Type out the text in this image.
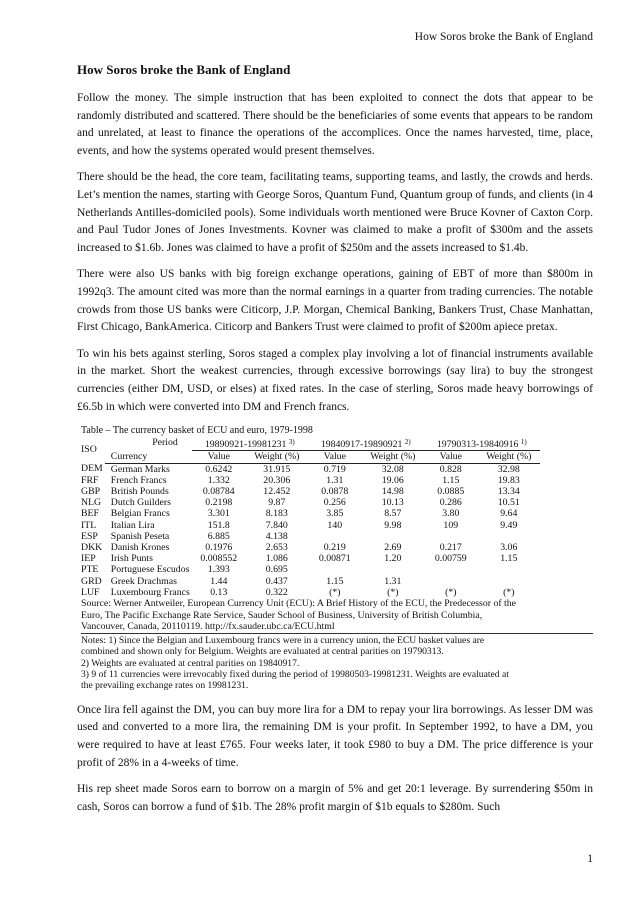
How Soros broke the Bank of England
How Soros broke the Bank of England

Follow the money. The simple instruction that has been exploited to connect the dots that appear to be randomly distributed and scattered. There should be the beneficiaries of some events that appears to be random and unrelated, at least to finance the operations of the accomplices. Once the names harvested, time, place, events, and how the systems operated would present themselves.

There should be the head, the core team, facilitating teams, supporting teams, and lastly, the crowds and herds. Let’s mention the names, starting with George Soros, Quantum Fund, Quantum group of funds, and clients (in 4 Netherlands Antilles-domiciled pools). Some individuals worth mentioned were Bruce Kovner of Caxton Corp. and Paul Tudor Jones of Jones Investments. Kovner was claimed to make a profit of $300m and the assets increased to $1.6b. Jones was claimed to have a profit of $250m and the assets increased to $1.4b.

There were also US banks with big foreign exchange operations, gaining of EBT of more than $800m in 1992q3. The amount cited was more than the normal earnings in a quarter from trading currencies. The notable crowds from those US banks were Citicorp, J.P. Morgan, Chemical Banking, Bankers Trust, Chase Manhattan, First Chicago, BankAmerica. Citicorp and Bankers Trust were claimed to profit of $200m apiece pretax.

To win his bets against sterling, Soros staged a complex play involving a lot of financial instruments available in the market. Short the weakest currencies, through excessive borrowings (say lira) to buy the strongest currencies (either DM, USD, or elses) at fixed rates. In the case of sterling, Soros made heavy borrowings of £6.5b in which were converted into DM and French francs.

Table – The currency basket of ECU and euro, 1979-1998
ISO	Period	19890921-19981231 $^{3)}$		19840917-19890921 $^{2)}$		19790313-19840916 $^{1)}$
	Currency	Value	Weight (%)	Value	Weight (%)	Value	Weight (%)
DEM	German Marks	0.6242	31.915	0.719	32.08	0.828	32.98
FRF	French Francs	1.332	20.306	1.31	19.06	1.15	19.83
GBP	British Pounds	0.08784	12.452	0.0878	14.98	0.0885	13.34
NLG	Dutch Guilders	0.2198	9.87	0.256	10.13	0.286	10.51
BEF	Belgian Francs	3.301	8.183	3.85	8.57	3.80	9.64
ITL	Italian Lira	151.8	7.840	140	9.98	109	9.49
ESP	Spanish Peseta	6.885	4.138				
DKK	Danish Krones	0.1976	2.653	0.219	2.69	0.217	3.06
IEP	Irish Punts	0.008552	1.086	0.00871	1.20	0.00759	1.15
PTE	Portuguese Escudos	1.393	0.695				
GRD	Greek Drachmas	1.44	0.437	1.15	1.31		
LUF	Luxembourg Francs	0.13	0.322	(*)	(*)	(*)	(*)
Source: Werner Antweiler, European Currency Unit (ECU): A Brief History of the ECU, the Predecessor of the
Euro, The Pacific Exchange Rate Service, Sauder School of Business, University of British Columbia,
Vancouver, Canada, 20110119. http://fx.sauder.ubc.ca/ECU.html
Notes: 1) Since the Belgian and Luxembourg francs were in a currency union, the ECU basket values are
combined and shown only for Belgium. Weights are evaluated at central parities on 19790313.
2) Weights are evaluated at central parities on 19840917.
3) 9 of 11 currencies were irrevocably fixed during the period of 19980503-19981231. Weights are evaluated at
the prevailing exchange rates on 19981231.

Once lira fell against the DM, you can buy more lira for a DM to repay your lira borrowings. As lesser DM was used and converted to a more lira, the remaining DM is your profit. In September 1992, to have a DM, you were required to have at least £765. Four weeks later, it took £980 to buy a DM. The price difference is your profit of 28% in a 4-weeks of time.

His rep sheet made Soros earn to borrow on a margin of 5% and get 20:1 leverage. By surrendering $50m in cash, Soros can borrow a fund of $1b. The 28% profit margin of $1b equals to $280m. Such

1
